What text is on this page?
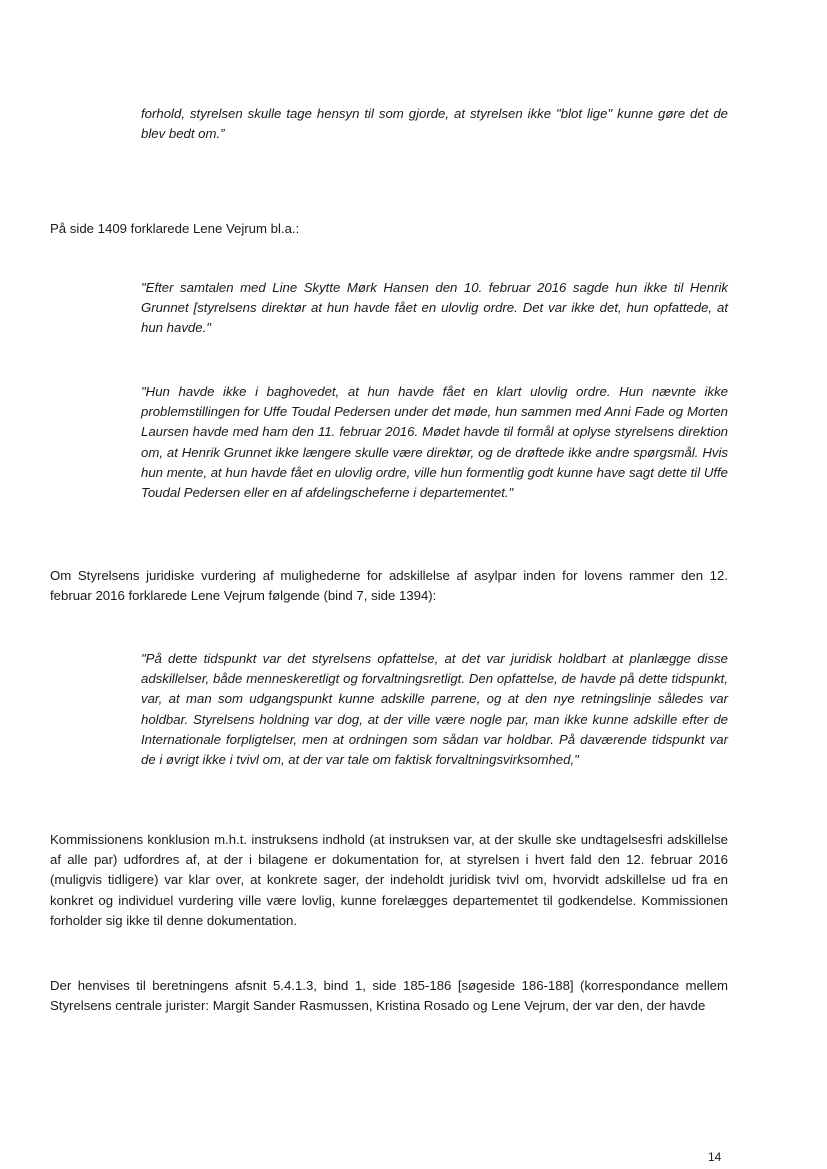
forhold, styrelsen skulle tage hensyn til som gjorde, at styrelsen ikke "blot lige" kunne gøre det de blev bedt om.”

På side 1409 forklarede Lene Vejrum bl.a.:

"Efter samtalen med Line Skytte Mørk Hansen den 10. februar 2016 sagde hun ikke til Henrik Grunnet [styrelsens direktør at hun havde fået en ulovlig ordre. Det var ikke det, hun opfattede, at hun havde."

"Hun havde ikke i baghovedet, at hun havde fået en klart ulovlig ordre. Hun nævnte ikke problemstillingen for Uffe Toudal Pedersen under det møde, hun sammen med Anni Fade og Morten Laursen havde med ham den 11. februar 2016. Mødet havde til formål at oplyse styrelsens direktion om, at Henrik Grunnet ikke længere skulle være direktør, og de drøftede ikke andre spørgsmål. Hvis hun mente, at hun havde fået en ulovlig ordre, ville hun formentlig godt kunne have sagt dette til Uffe Toudal Pedersen eller en af afdelingscheferne i departementet."

Om Styrelsens juridiske vurdering af mulighederne for adskillelse af asylpar inden for lovens rammer den 12. februar 2016 forklarede Lene Vejrum følgende (bind 7, side 1394):

"På dette tidspunkt var det styrelsens opfattelse, at det var juridisk holdbart at planlægge disse adskillelser, både menneskeretligt og forvaltningsretligt. Den opfattelse, de havde på dette tidspunkt, var, at man som udgangspunkt kunne adskille parrene, og at den nye retningslinje således var holdbar. Styrelsens holdning var dog, at der ville være nogle par, man ikke kunne adskille efter de Internationale forpligtelser, men at ordningen som sådan var holdbar. På daværende tidspunkt var de i øvrigt ikke i tvivl om, at der var tale om faktisk forvaltningsvirksomhed,"

Kommissionens konklusion m.h.t. instruksens indhold (at instruksen var, at der skulle ske undtagelsesfri adskillelse af alle par) udfordres af, at der i bilagene er dokumentation for, at styrelsen i hvert fald den 12. februar 2016 (muligvis tidligere) var klar over, at konkrete sager, der indeholdt juridisk tvivl om, hvorvidt adskillelse ud fra en konkret og individuel vurdering ville være lovlig, kunne forelægges departementet til godkendelse. Kommissionen forholder sig ikke til denne dokumentation.

Der henvises til beretningens afsnit 5.4.1.3, bind 1, side 185-186 [søgeside 186-188] (korrespondance mellem Styrelsens centrale jurister: Margit Sander Rasmussen, Kristina Rosado og Lene Vejrum, der var den, der havde

14
